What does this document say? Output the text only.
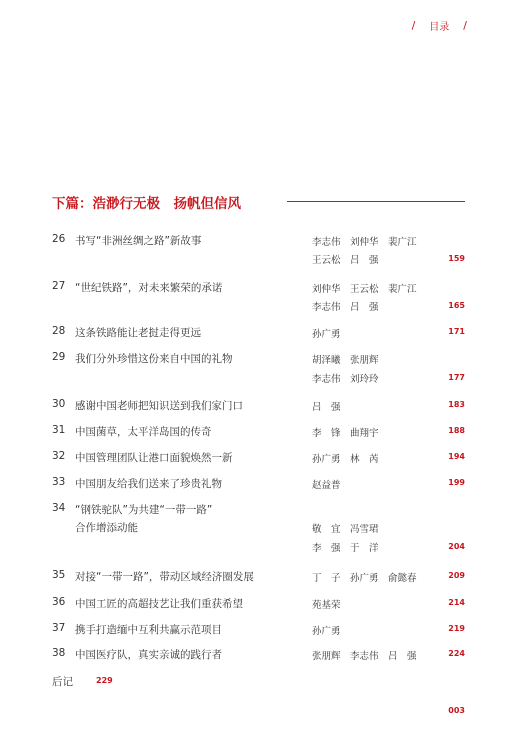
/ 目录 /
下篇：浩渺行无极　扬帆但信风
26 书写“非洲丝绸之路”新故事	李志伟　刘仲华　裴广江
王云松　吕　强	159
27 “世纪铁路”，对未来繁荣的承诺	刘仲华　王云松　裴广江
李志伟　吕　强	165
28 这条铁路能让老挝走得更远	孙广勇	171
29 我们分外珍惜这份来自中国的礼物	胡泽曦　张朋辉
李志伟　刘玲玲	177
30 感谢中国老师把知识送到我们家门口	吕　强	183
31 中国菌草，太平洋岛国的传奇	李　锋　曲翔宇	188
32 中国管理团队让港口面貌焕然一新	孙广勇　林　芮	194
33 中国朋友给我们送来了珍贵礼物	赵益普	199
34 “钢铁驼队”为共建“一带一路”
合作增添动能	敬　宜　冯雪珺
李　强　于　洋	204
35 对接“一带一路”，带动区域经济圈发展	丁　子　孙广勇　俞懿春	209
36 中国工匠的高超技艺让我们重获希望	苑基荣	214
37 携手打造缅中互利共赢示范项目	孙广勇	219
38 中国医疗队，真实亲诚的践行者	张朋辉　李志伟　吕　强	224
后记	229
003
